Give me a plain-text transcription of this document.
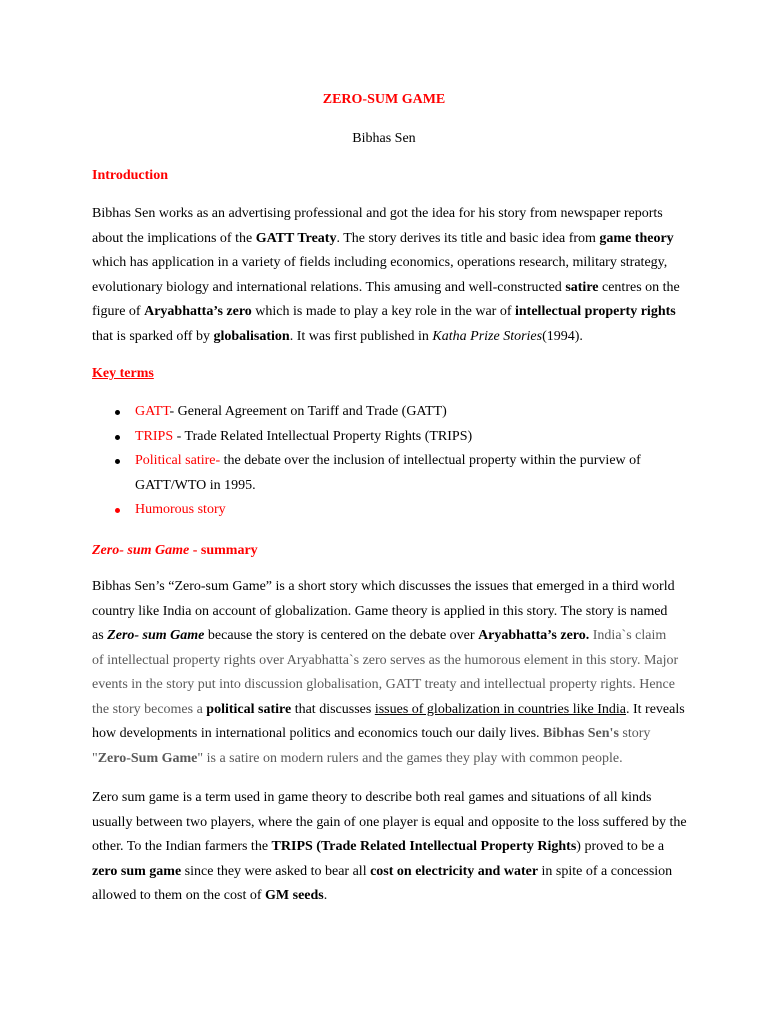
ZERO-SUM GAME
Bibhas Sen
Introduction

Bibhas Sen works as an advertising professional and got the idea for his story from newspaper reports

about the implications of the GATT Treaty. The story derives its title and basic idea from game theory

which has application in a variety of fields including economics, operations research, military strategy,

evolutionary biology and international relations. This amusing and well-constructed satire centres on the

figure of Aryabhatta’s zero which is made to play a key role in the war of intellectual property rights

that is sparked off by globalisation. It was first published in Katha Prize Stories(1994).

Key terms
GATT- General Agreement on Tariff and Trade (GATT)
TRIPS - Trade Related Intellectual Property Rights (TRIPS)
Political satire- the debate over the inclusion of intellectual property within the purview of
GATT/WTO in 1995.
Humorous story
Zero- sum Game - summary

Bibhas Sen’s “Zero-sum Game” is a short story which discusses the issues that emerged in a third world

country like India on account of globalization. Game theory is applied in this story. The story is named

as Zero- sum Game because the story is centered on the debate over Aryabhatta’s zero. India`s claim

of intellectual property rights over Aryabhatta`s zero serves as the humorous element in this story. Major

events in the story put into discussion globalisation, GATT treaty and intellectual property rights. Hence

the story becomes a political satire that discusses issues of globalization in countries like India. It reveals

how developments in international politics and economics touch our daily lives. Bibhas Sen's story

"Zero-Sum Game" is a satire on modern rulers and the games they play with common people.

Zero sum game is a term used in game theory to describe both real games and situations of all kinds

usually between two players, where the gain of one player is equal and opposite to the loss suffered by the

other. To the Indian farmers the TRIPS (Trade Related Intellectual Property Rights) proved to be a

zero sum game since they were asked to bear all cost on electricity and water in spite of a concession

allowed to them on the cost of GM seeds.
